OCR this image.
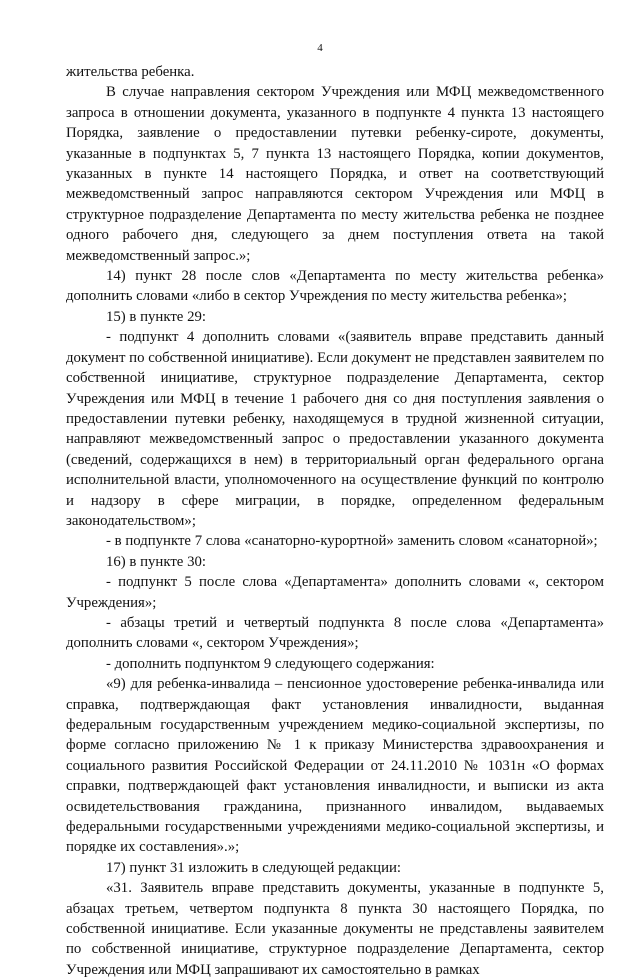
4

жительства ребенка.

В случае направления сектором Учреждения или МФЦ межведомственного запроса в отношении документа, указанного в подпункте 4 пункта 13 настоящего Порядка, заявление о предоставлении путевки ребенку-сироте, документы, указанные в подпунктах 5, 7 пункта 13 настоящего Порядка, копии документов, указанных в пункте 14 настоящего Порядка, и ответ на соответствующий межведомственный запрос направляются сектором Учреждения или МФЦ в структурное подразделение Департамента по месту жительства ребенка не позднее одного рабочего дня, следующего за днем поступления ответа на такой межведомственный запрос.»;

14) пункт 28 после слов «Департамента по месту жительства ребенка» дополнить словами «либо в сектор Учреждения по месту жительства ребенка»;

15) в пункте 29:

- подпункт 4 дополнить словами «(заявитель вправе представить данный документ по собственной инициативе). Если документ не представлен заявителем по собственной инициативе, структурное подразделение Департамента, сектор Учреждения или МФЦ в течение 1 рабочего дня со дня поступления заявления о предоставлении путевки ребенку, находящемуся в трудной жизненной ситуации, направляют межведомственный запрос о предоставлении указанного документа (сведений, содержащихся в нем) в территориальный орган федерального органа исполнительной власти, уполномоченного на осуществление функций по контролю и надзору в сфере миграции, в порядке, определенном федеральным законодательством»;

- в подпункте 7 слова «санаторно-курортной» заменить словом «санаторной»;

16) в пункте 30:

- подпункт 5 после слова «Департамента» дополнить словами «, сектором Учреждения»;

- абзацы третий и четвертый подпункта 8 после слова «Департамента» дополнить словами «, сектором Учреждения»;

- дополнить подпунктом 9 следующего содержания:

«9) для ребенка-инвалида – пенсионное удостоверение ребенка-инвалида или справка, подтверждающая факт установления инвалидности, выданная федеральным государственным учреждением медико-социальной экспертизы, по форме согласно приложению № 1 к приказу Министерства здравоохранения и социального развития Российской Федерации от 24.11.2010 № 1031н «О формах справки, подтверждающей факт установления инвалидности, и выписки из акта освидетельствования гражданина, признанного инвалидом, выдаваемых федеральными государственными учреждениями медико-социальной экспертизы, и порядке их составления».»;

17) пункт 31 изложить в следующей редакции:

«31. Заявитель вправе представить документы, указанные в подпункте 5, абзацах третьем, четвертом подпункта 8 пункта 30 настоящего Порядка, по собственной инициативе. Если указанные документы не представлены заявителем по собственной инициативе, структурное подразделение Департамента, сектор Учреждения или МФЦ запрашивают их самостоятельно в рамках
